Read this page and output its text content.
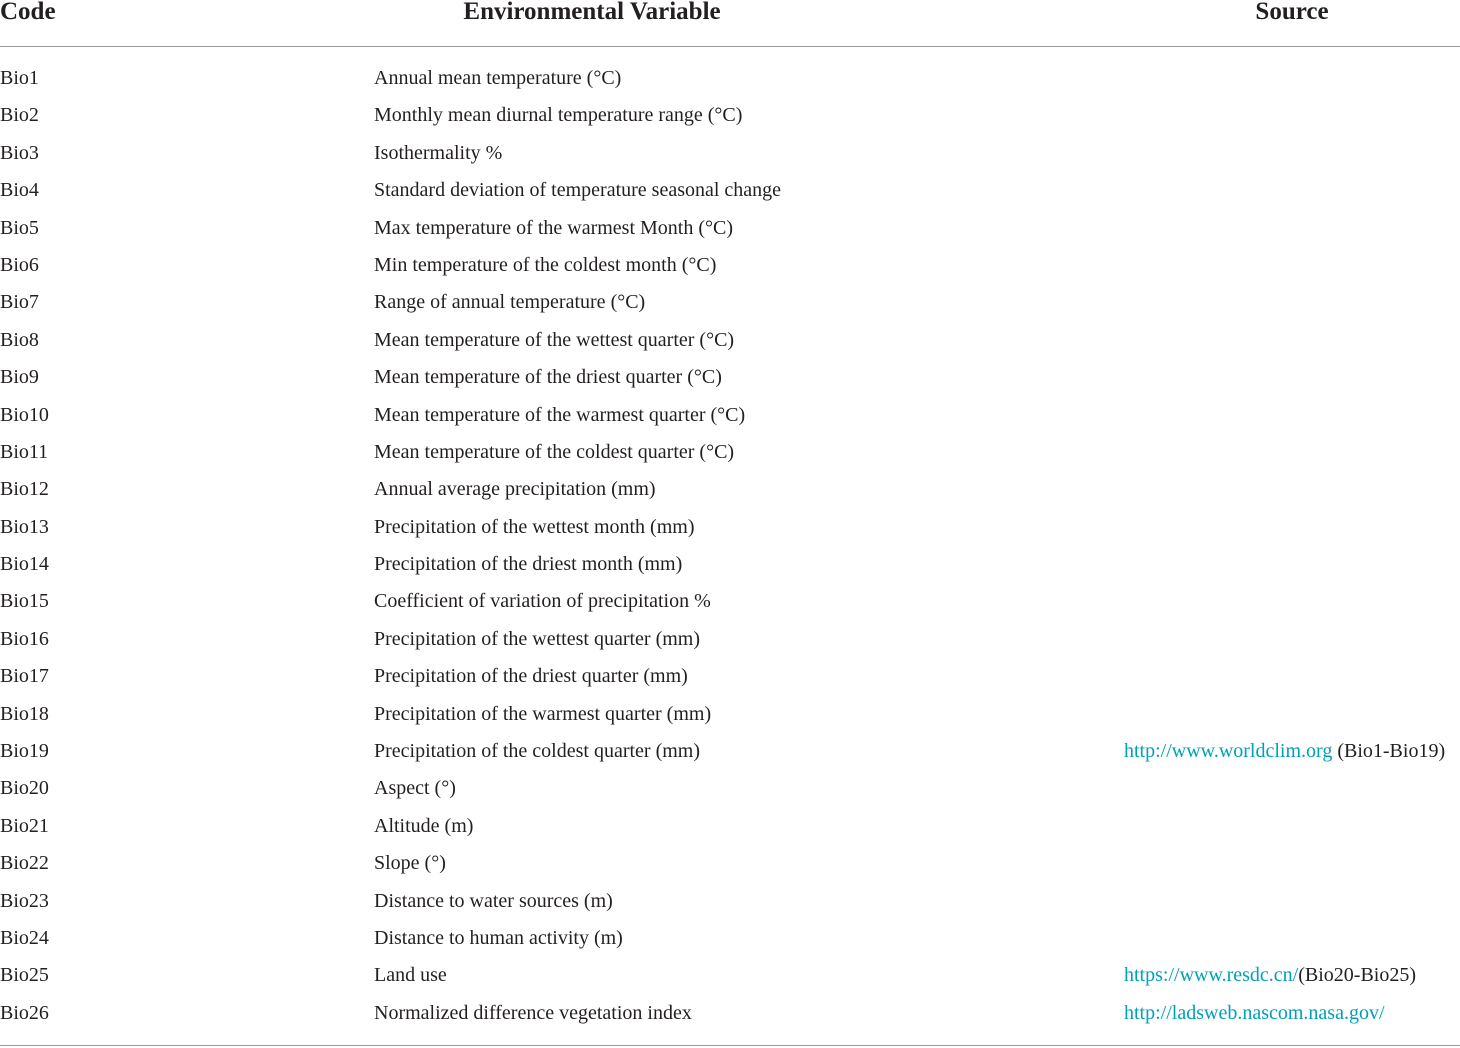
Code	Environmental Variable	Source
Bio1	Annual mean temperature (°C)
Bio2	Monthly mean diurnal temperature range (°C)
Bio3	Isothermality %
Bio4	Standard deviation of temperature seasonal change
Bio5	Max temperature of the warmest Month (°C)
Bio6	Min temperature of the coldest month (°C)
Bio7	Range of annual temperature (°C)
Bio8	Mean temperature of the wettest quarter (°C)
Bio9	Mean temperature of the driest quarter (°C)
Bio10	Mean temperature of the warmest quarter (°C)
Bio11	Mean temperature of the coldest quarter (°C)
Bio12	Annual average precipitation (mm)
Bio13	Precipitation of the wettest month (mm)
Bio14	Precipitation of the driest month (mm)
Bio15	Coefficient of variation of precipitation %
Bio16	Precipitation of the wettest quarter (mm)
Bio17	Precipitation of the driest quarter (mm)
Bio18	Precipitation of the warmest quarter (mm)
Bio19	Precipitation of the coldest quarter (mm)	http://www.worldclim.org (Bio1-Bio19)
Bio20	Aspect (°)
Bio21	Altitude (m)
Bio22	Slope (°)
Bio23	Distance to water sources (m)
Bio24	Distance to human activity (m)
Bio25	Land use	https://www.resdc.cn/(Bio20-Bio25)
Bio26	Normalized difference vegetation index	http://ladsweb.nascom.nasa.gov/
